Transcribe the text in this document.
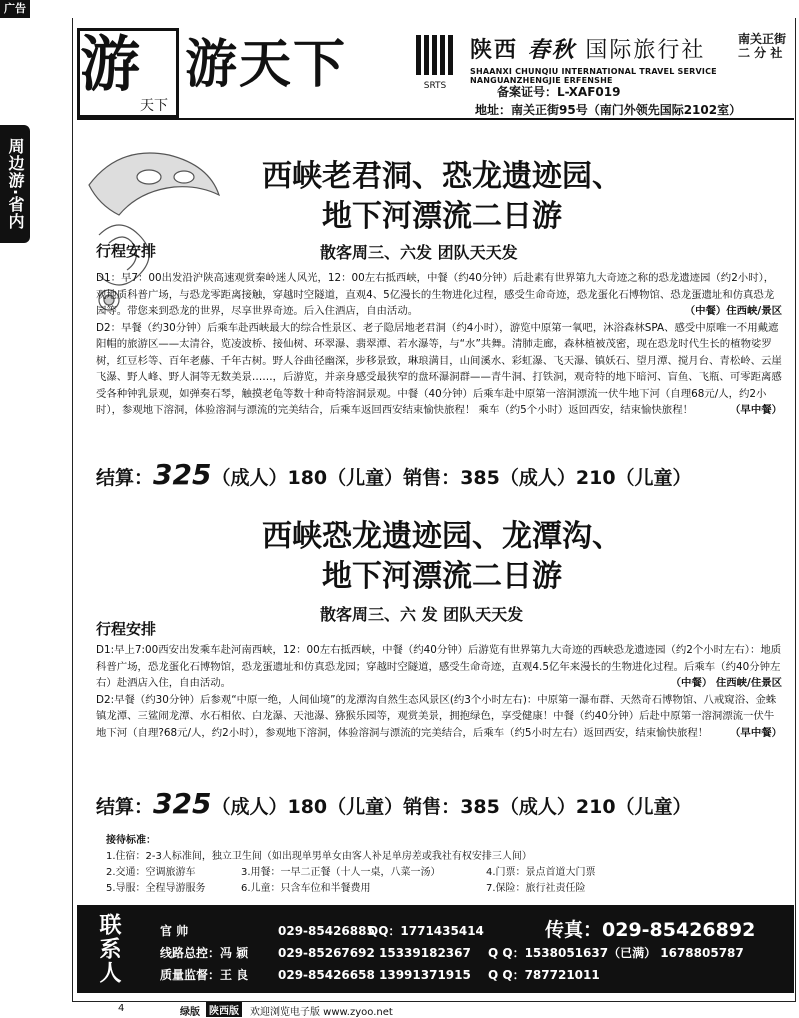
广告
周边游·省内
游
天下
游天下	SRTS
陕西 春秋 国际旅行社	南关正街
二 分 社
SHAANXI CHUNQIU INTERNATIONAL TRAVEL SERVICE NANGUANZHENGJIE ERFENSHE
备案证号：L-XAF019
地址：南关正街95号（南门外领先国际2102室）
西峡老君洞、恐龙遗迹园、
地下河漂流二日游
行程安排	散客周三、六发 团队天天发
D1：早7：00出发沿沪陕高速观赏秦岭迷人风光，12：00左右抵西峡，中餐（约40分钟）后赴素有世界第九大奇迹之称的恐龙遗迹园（约2小时），观地质科普广场，与恐龙零距离接触，穿越时空隧道，直观4、5亿漫长的生物进化过程，感受生命奇迹，恐龙蛋化石博物馆、恐龙蛋遗址和仿真恐龙园等。带您来到恐龙的世界，尽享世界奇迹。后入住酒店，自由活动。	（中餐）住西峡/景区
D2：早餐（约30分钟）后乘车赴西峡最大的综合性景区、老子隐居地老君洞（约4小时），游览中原第一氧吧，沐浴森林SPA、感受中原唯一不用戴遮阳帽的旅游区——太清谷，览凌波桥、接仙树、环翠瀑、翡翠潭、若水瀑等，与“水”共舞。清肺走廊，森林植被茂密，现在恐龙时代生长的植物娑罗树，红豆杉等、百年老藤、千年古树。野人谷曲径幽深，步移景致，琳琅满目，山间溪水、彩虹瀑、飞天瀑、镇妖石、望月潭、搅月台、青松岭、云崖飞瀑、野人峰、野人洞等无数美景……，后游览，并亲身感受最狭窄的盘环瀑洞群——青牛洞、打铁洞，观奇特的地下暗河、盲鱼、飞瓶、可零距离感受各种钟乳景观，如弹奏石琴，触摸老龟等数十种奇特溶洞景观。中餐（40分钟）后乘车赴中原第一溶洞漂流一伏牛地下河（自理68元/人，约2小时），参观地下溶洞，体验溶洞与漂流的完美结合，后乘车返回西安结束愉快旅程！ 乘车（约5个小时）返回西安，结束愉快旅程！	（早中餐）
结算：325（成人）180（儿童）销售：385（成人）210（儿童）
西峡恐龙遗迹园、龙潭沟、
地下河漂流二日游
散客周三、六 发 团队天天发
行程安排
D1:早上7:00西安出发乘车赴河南西峡，12：00左右抵西峡，中餐（约40分钟）后游览有世界第九大奇迹的西峡恐龙遗迹园（约2个小时左右）：地质科普广场，恐龙蛋化石博物馆，恐龙蛋遗址和仿真恐龙园；穿越时空隧道，感受生命奇迹，直观4.5亿年来漫长的生物进化过程。后乘车（约40分钟左右）赴酒店入住，自由活动。	（中餐） 住西峡/住景区
D2:早餐（约30分钟）后参观“中原一绝，人间仙境”的龙潭沟自然生态风景区(约3个小时左右)：中原第一瀑布群、天然奇石博物馆、八戒窥浴、金蛛镇龙潭、三鲨闹龙潭、水石相依、白龙瀑、天池瀑、猕猴乐园等，观赏美景，拥抱绿色，享受健康！中餐（约40分钟）后赴中原第一溶洞漂流一伏牛地下河（自理?68元/人，约2小时），参观地下溶洞，体验溶洞与漂流的完美结合，后乘车（约5小时左右）返回西安，结束愉快旅程！ （早中餐）
结算：325（成人）180（儿童）销售：385（成人）210（儿童）
接待标准：
1.住宿：2-3人标准间，独立卫生间（如出现单男单女由客人补足单房差或我社有权安排三人间）
2.交通：空调旅游车	3.用餐：一早二正餐（十人一桌，八菜一汤）	4.门票：景点首道大门票
5.导服：全程导游服务	6.儿童：只含车位和半餐费用	7.保险：旅行社责任险
联系人	传真：029-85426892
官 帅	029-85426885QQ：1771435414
线路总控：冯 颖 029-85267692 15339182367 Q Q：1538051637（已满） 1678805787
质量监督：王 良 029-85426658 13991371915 Q Q：787721011
4	绿版 陕西版	欢迎浏览电子版 www.zyoo.net
